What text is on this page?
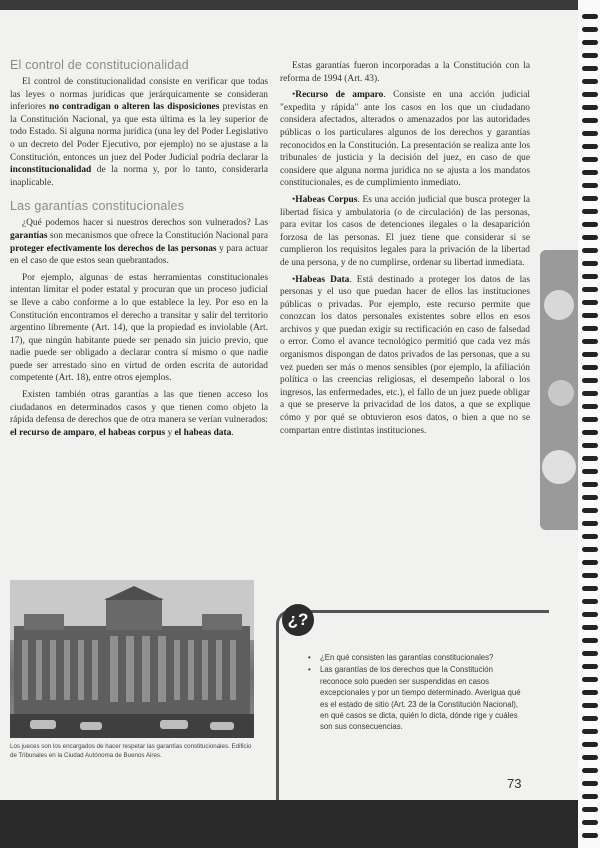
El control de constitucionalidad

El control de constitucionalidad consiste en verificar que todas las leyes o normas jurídicas que jerárquicamente se consideran inferiores no contradigan o alteren las disposiciones previstas en la Constitución Nacional, ya que esta última es la ley superior de todo Estado. Si alguna norma jurídica (una ley del Poder Legislativo o un decreto del Poder Ejecutivo, por ejemplo) no se ajustase a la Constitución, entonces un juez del Poder Judicial podría declarar la inconstitucionalidad de la norma y, por lo tanto, considerarla inaplicable.

Las garantías constitucionales

¿Qué podemos hacer si nuestros derechos son vulnerados? Las garantías son mecanismos que ofrece la Constitución Nacional para proteger efectivamente los derechos de las personas y para actuar en el caso de que estos sean quebrantados.

Por ejemplo, algunas de estas herramientas constitucionales intentan limitar el poder estatal y procuran que un proceso judicial se lleve a cabo conforme a lo que establece la ley. Por eso en la Constitución encontramos el derecho a transitar y salir del territorio argentino libremente (Art. 14), que la propiedad es inviolable (Art. 17), que ningún habitante puede ser penado sin juicio previo, que nadie puede ser obligado a declarar contra sí mismo o que nadie puede ser arrestado sino en virtud de orden escrita de autoridad competente (Art. 18), entre otros ejemplos.

Existen también otras garantías a las que tienen acceso los ciudadanos en determinados casos y que tienen como objeto la rápida defensa de derechos que de otra manera se verían vulnerados: el recurso de amparo, el habeas corpus y el habeas data.

Estas garantías fueron incorporadas a la Constitución con la reforma de 1994 (Art. 43).

• Recurso de amparo. Consiste en una acción judicial "expedita y rápida" ante los casos en los que un ciudadano considera afectados, alterados o amenazados por las autoridades públicas o los particulares algunos de los derechos y garantías reconocidos en la Constitución. La presentación se realiza ante los tribunales de justicia y la decisión del juez, en caso de que considere que alguna norma jurídica no se ajusta a los mandatos constitucionales, es de cumplimiento inmediato.

• Habeas Corpus. Es una acción judicial que busca proteger la libertad física y ambulatoria (o de circulación) de las personas, para evitar los casos de detenciones ilegales o la desaparición forzosa de las personas. El juez tiene que considerar si se cumplieron los requisitos legales para la privación de la libertad de una persona, y de no cumplirse, ordenar su libertad inmediata.

• Habeas Data. Está destinado a proteger los datos de las personas y el uso que puedan hacer de ellos las instituciones públicas o privadas. Por ejemplo, este recurso permite que conozcan los datos personales existentes sobre ellos en esos archivos y que puedan exigir su rectificación en caso de falsedad o error. Como el avance tecnológico permitió que cada vez más organismos dispongan de datos privados de las personas, que a su vez pueden ser más o menos sensibles (por ejemplo, la afiliación política o las creencias religiosas, el desempeño laboral o los ingresos, las enfermedades, etc.), el fallo de un juez puede obligar a que se preserve la privacidad de los datos, a que se explique cómo y por qué se obtuvieron esos datos, o bien a que no se compartan entre distintas instituciones.

Los jueces son los encargados de hacer respetar las garantías constitucionales. Edificio de Tribunales en la Ciudad Autónoma de Buenos Aires.
¿?
• ¿En qué consisten las garantías constitucionales?
• Las garantías de los derechos que la Constitución reconoce solo pueden ser suspendidas en casos excepcionales y por un tiempo determinado. Averigua qué es el estado de sitio (Art. 23 de la Constitución Nacional), en qué casos se dicta, quién lo dicta, dónde rige y cuáles son sus consecuencias.
73
